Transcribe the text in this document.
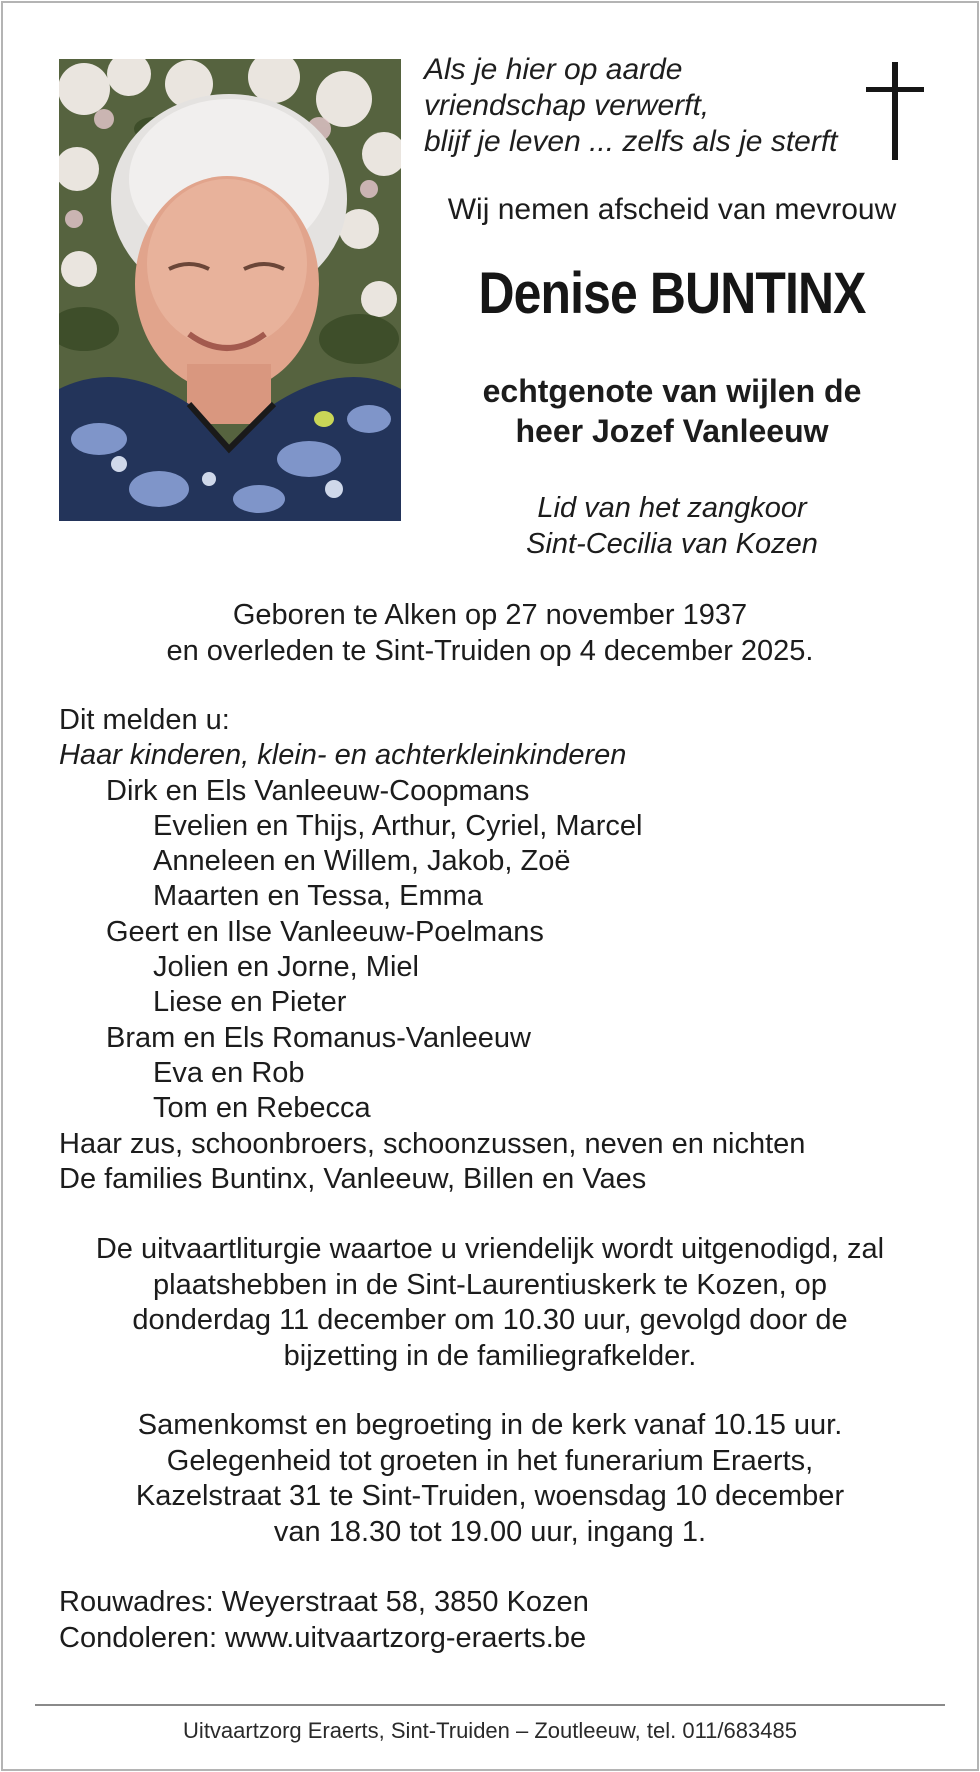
Als je hier op aarde
vriendschap verwerft,
blijf je leven ... zelfs als je sterft
Wij nemen afscheid van mevrouw
Denise BUNTINX
echtgenote van wijlen de
heer Jozef Vanleeuw
Lid van het zangkoor
Sint-Cecilia van Kozen
Geboren te Alken op 27 november 1937
en overleden te Sint-Truiden op 4 december 2025.
Dit melden u:
Haar kinderen, klein- en achterkleinkinderen
Dirk en Els Vanleeuw-Coopmans
Evelien en Thijs, Arthur, Cyriel, Marcel
Anneleen en Willem, Jakob, Zoë
Maarten en Tessa, Emma
Geert en Ilse Vanleeuw-Poelmans
Jolien en Jorne, Miel
Liese en Pieter
Bram en Els Romanus-Vanleeuw
Eva en Rob
Tom en Rebecca
Haar zus, schoonbroers, schoonzussen, neven en nichten
De families Buntinx, Vanleeuw, Billen en Vaes
De uitvaartliturgie waartoe u vriendelijk wordt uitgenodigd, zal
plaatshebben in de Sint-Laurentiuskerk te Kozen, op
donderdag 11 december om 10.30 uur, gevolgd door de
bijzetting in de familiegrafkelder.
Samenkomst en begroeting in de kerk vanaf 10.15 uur.
Gelegenheid tot groeten in het funerarium Eraerts,
Kazelstraat 31 te Sint-Truiden, woensdag 10 december
van 18.30 tot 19.00 uur, ingang 1.
Rouwadres: Weyerstraat 58, 3850 Kozen
Condoleren: www.uitvaartzorg-eraerts.be
Uitvaartzorg Eraerts, Sint-Truiden – Zoutleeuw, tel. 011/683485
